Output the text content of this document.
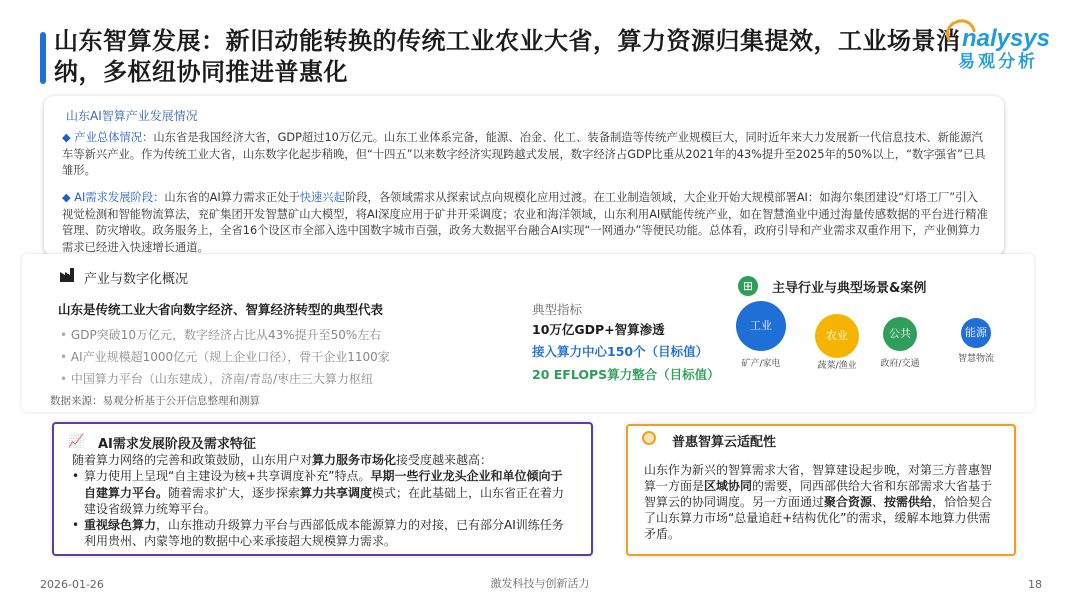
山东智算发展：新旧动能转换的传统工业农业大省，算力资源归集提效，工业场景消纳，多枢纽协同推进普惠化
nalysys
易观分析
山东AI智算产业发展情况
◆ 产业总体情况：山东省是我国经济大省，GDP超过10万亿元。山东工业体系完备，能源、冶金、化工、装备制造等传统产业规模巨大，同时近年来大力发展新一代信息技术、新能源汽车等新兴产业。作为传统工业大省，山东数字化起步稍晚，但“十四五”以来数字经济实现跨越式发展，数字经济占GDP比重从2021年的43%提升至2025年的50%以上，“数字强省”已具雏形。
◆ AI需求发展阶段：山东省的AI算力需求正处于快速兴起阶段，各领域需求从探索试点向规模化应用过渡。在工业制造领域，大企业开始大规模部署AI：如海尔集团建设“灯塔工厂”引入视觉检测和智能物流算法，兖矿集团开发智慧矿山大模型，将AI深度应用于矿井开采调度；农业和海洋领域，山东利用AI赋能传统产业，如在智慧渔业中通过海量传感数据的平台进行精准管理、防灾增收。政务服务上，全省16个设区市全部入选中国数字城市百强，政务大数据平台融合AI实现“一网通办”等便民功能。总体看，政府引导和产业需求双重作用下，产业侧算力需求已经进入快速增长通道。
产业与数字化概况
山东是传统工业大省向数字经济、智算经济转型的典型代表
• GDP突破10万亿元，数字经济占比从43%提升至50%左右
• AI产业规模超1000亿元（规上企业口径），骨干企业1100家
• 中国算力平台（山东建成），济南/青岛/枣庄三大算力枢纽
典型指标
10万亿GDP+智算渗透
接入算力中心150个（目标值）
20 EFLOPS算力整合（目标值）
数据来源：易观分析基于公开信息整理和测算
⊞	主导行业与典型场景&案例
工业
矿产/家电
农业
蔬菜/渔业
公共
政府/交通
能源
智慧物流
📈 AI需求发展阶段及需求特征
随着算力网络的完善和政策鼓励，山东用户对算力服务市场化接受度越来越高：
• 算力使用上呈现“自主建设为核+共享调度补充”特点。早期一些行业龙头企业和单位倾向于自建算力平台。随着需求扩大，逐步探索算力共享调度模式；在此基础上，山东省正在着力建设省级算力统筹平台。
• 重视绿色算力，山东推动升级算力平台与西部低成本能源算力的对接，已有部分AI训练任务利用贵州、内蒙等地的数据中心来承接超大规模算力需求。
普惠智算云适配性
山东作为新兴的智算需求大省，智算建设起步晚，对第三方普惠智算一方面是区域协同的需要，同西部供给大省和东部需求大省基于智算云的协同调度。另一方面通过聚合资源、按需供给，恰恰契合了山东算力市场“总量追赶+结构优化”的需求，缓解本地算力供需矛盾。
2026-01-26	激发科技与创新活力	18
